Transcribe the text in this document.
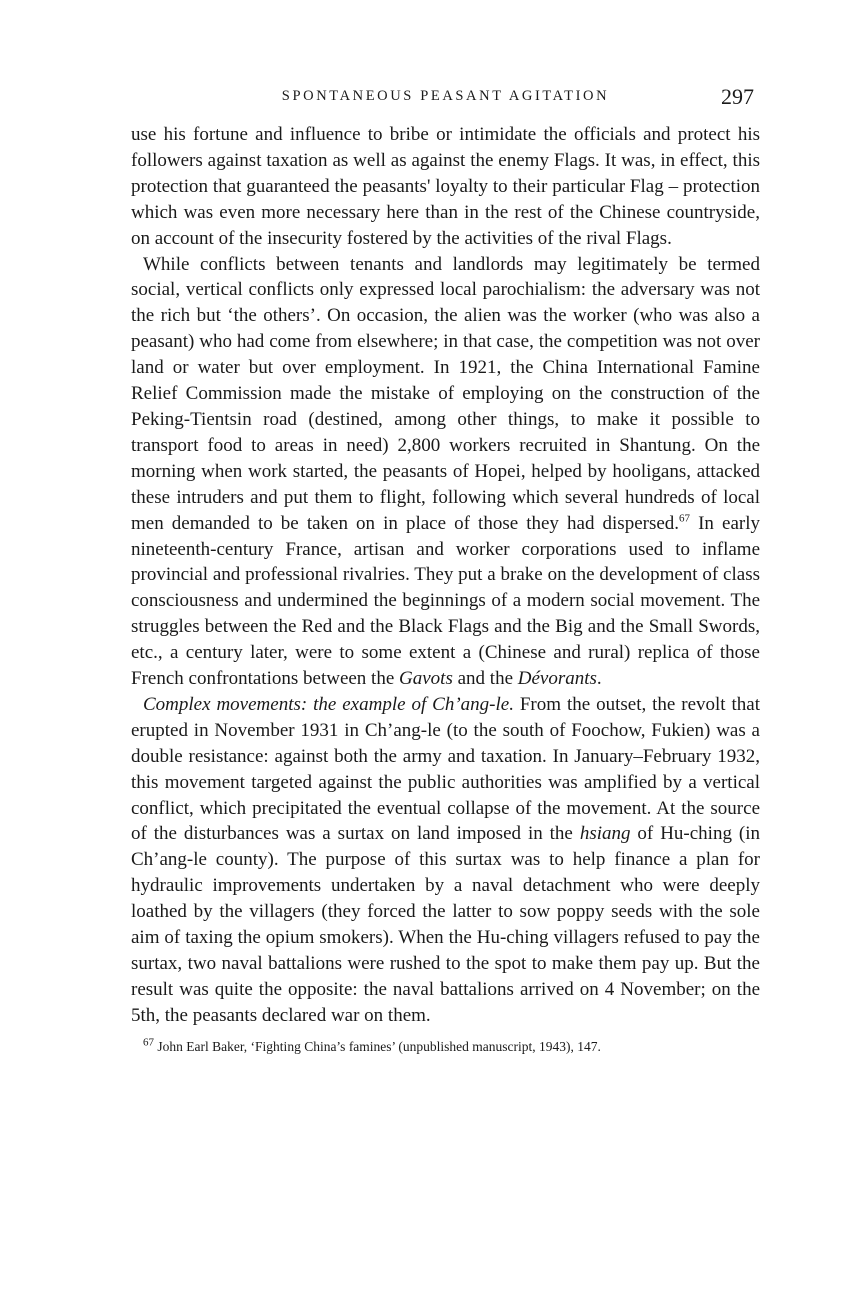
SPONTANEOUS PEASANT AGITATION	297

use his fortune and influence to bribe or intimidate the officials and protect his followers against taxation as well as against the enemy Flags. It was, in effect, this protection that guaranteed the peasants' loyalty to their particular Flag – protection which was even more necessary here than in the rest of the Chinese countryside, on account of the insecurity fostered by the activities of the rival Flags.

While conflicts between tenants and landlords may legitimately be termed social, vertical conflicts only expressed local parochialism: the adversary was not the rich but ‘the others’. On occasion, the alien was the worker (who was also a peasant) who had come from elsewhere; in that case, the competition was not over land or water but over employment. In 1921, the China International Famine Relief Commission made the mistake of employing on the construction of the Peking-Tientsin road (destined, among other things, to make it possible to transport food to areas in need) 2,800 workers recruited in Shantung. On the morning when work started, the peasants of Hopei, helped by hooligans, attacked these intruders and put them to flight, following which several hundreds of local men demanded to be taken on in place of those they had dispersed.$^{67}$ In early nineteenth-century France, artisan and worker corporations used to inflame provincial and professional rivalries. They put a brake on the development of class consciousness and undermined the beginnings of a modern social movement. The struggles between the Red and the Black Flags and the Big and the Small Swords, etc., a century later, were to some extent a (Chinese and rural) replica of those French confrontations between the Gavots and the Dévorants.

Complex movements: the example of Ch’ang-le. From the outset, the revolt that erupted in November 1931 in Ch’ang-le (to the south of Foochow, Fukien) was a double resistance: against both the army and taxation. In January–February 1932, this movement targeted against the public authorities was amplified by a vertical conflict, which precipitated the eventual collapse of the movement. At the source of the disturbances was a surtax on land imposed in the hsiang of Hu-ching (in Ch’ang-le county). The purpose of this surtax was to help finance a plan for hydraulic improvements undertaken by a naval detachment who were deeply loathed by the villagers (they forced the latter to sow poppy seeds with the sole aim of taxing the opium smokers). When the Hu-ching villagers refused to pay the surtax, two naval battalions were rushed to the spot to make them pay up. But the result was quite the opposite: the naval battalions arrived on 4 November; on the 5th, the peasants declared war on them.

$^{67}$ John Earl Baker, ‘Fighting China’s famines’ (unpublished manuscript, 1943), 147.
